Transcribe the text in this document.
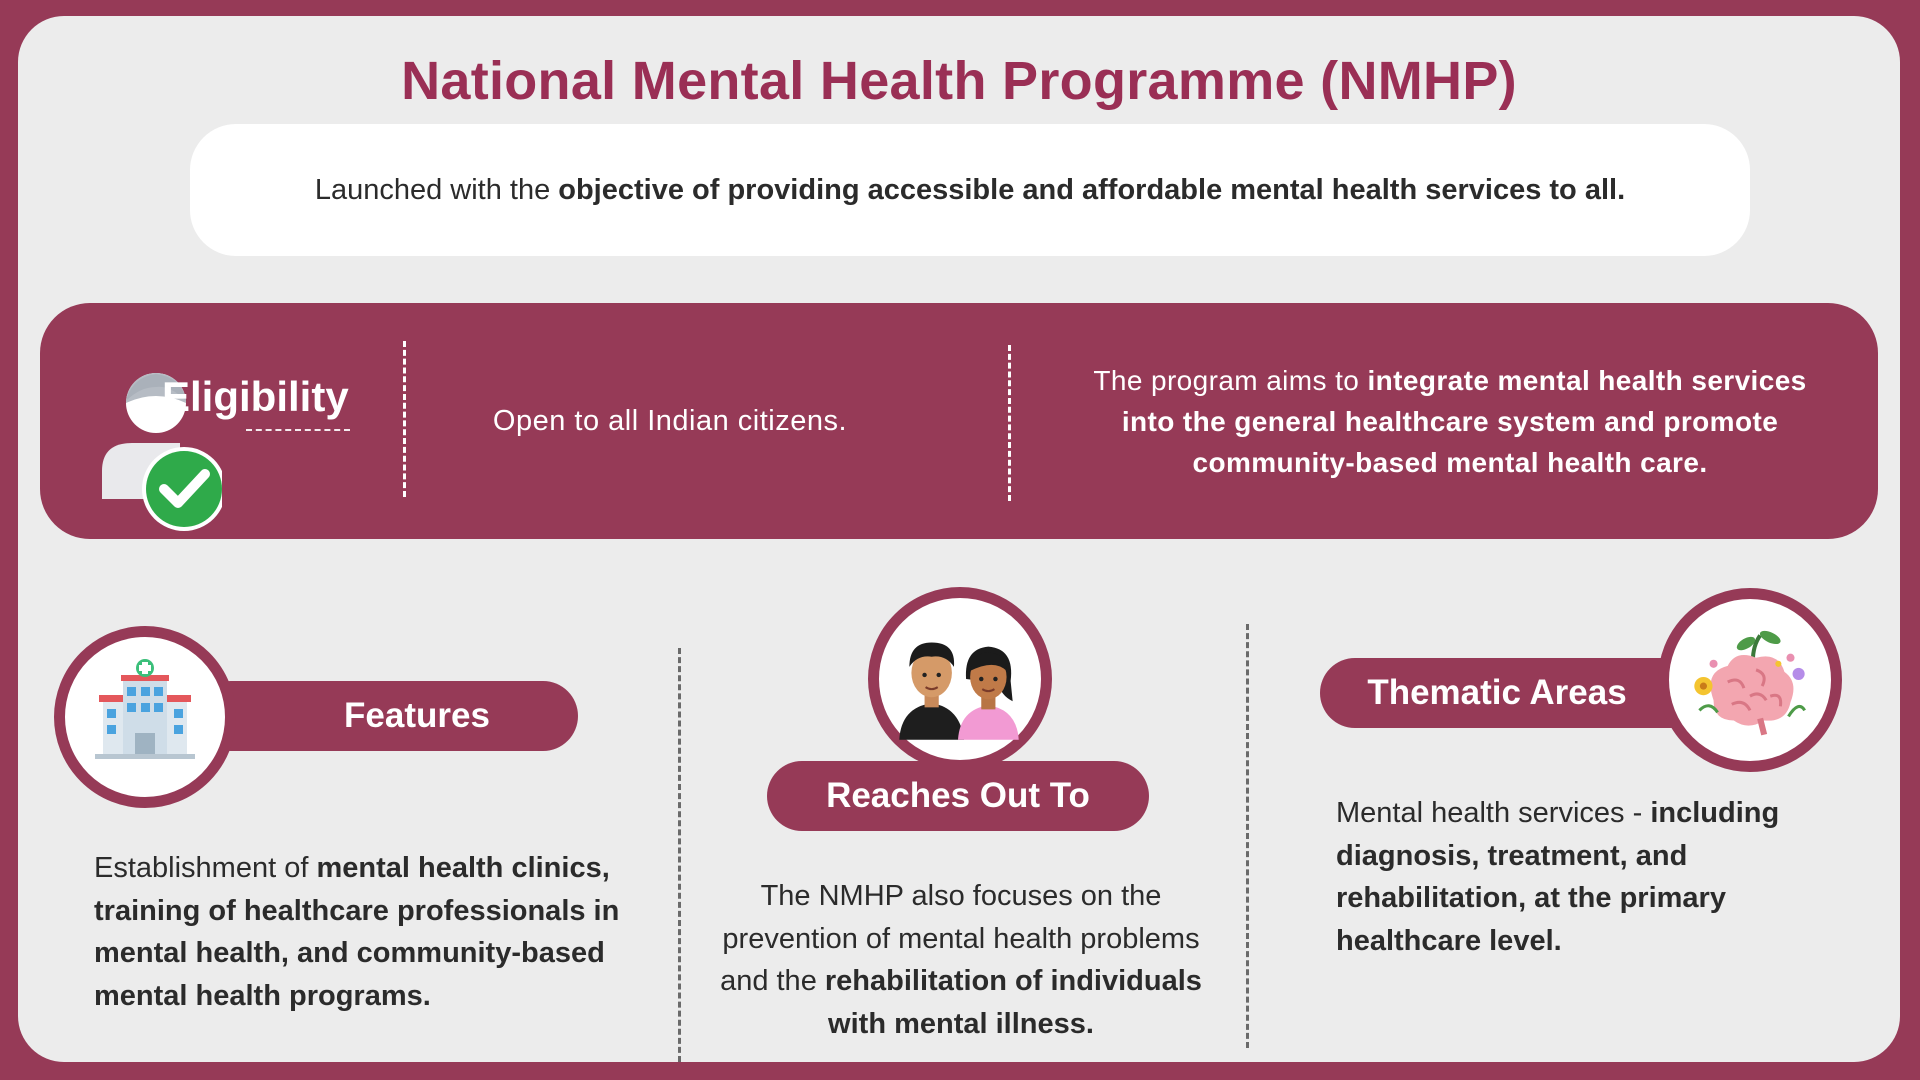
National Mental Health Programme (NMHP)
Launched with the objective of providing accessible and affordable mental health services to all.
Eligibility
Open to all Indian citizens.
The program aims to integrate mental health services into the general healthcare system and promote community-based mental health care.
Features
Establishment of mental health clinics, training of healthcare professionals in mental health, and community-based mental health programs.
Reaches Out To
The NMHP also focuses on the prevention of mental health problems and the rehabilitation of individuals with mental illness.
Thematic Areas
Mental health services - including diagnosis, treatment, and rehabilitation, at the primary healthcare level.
